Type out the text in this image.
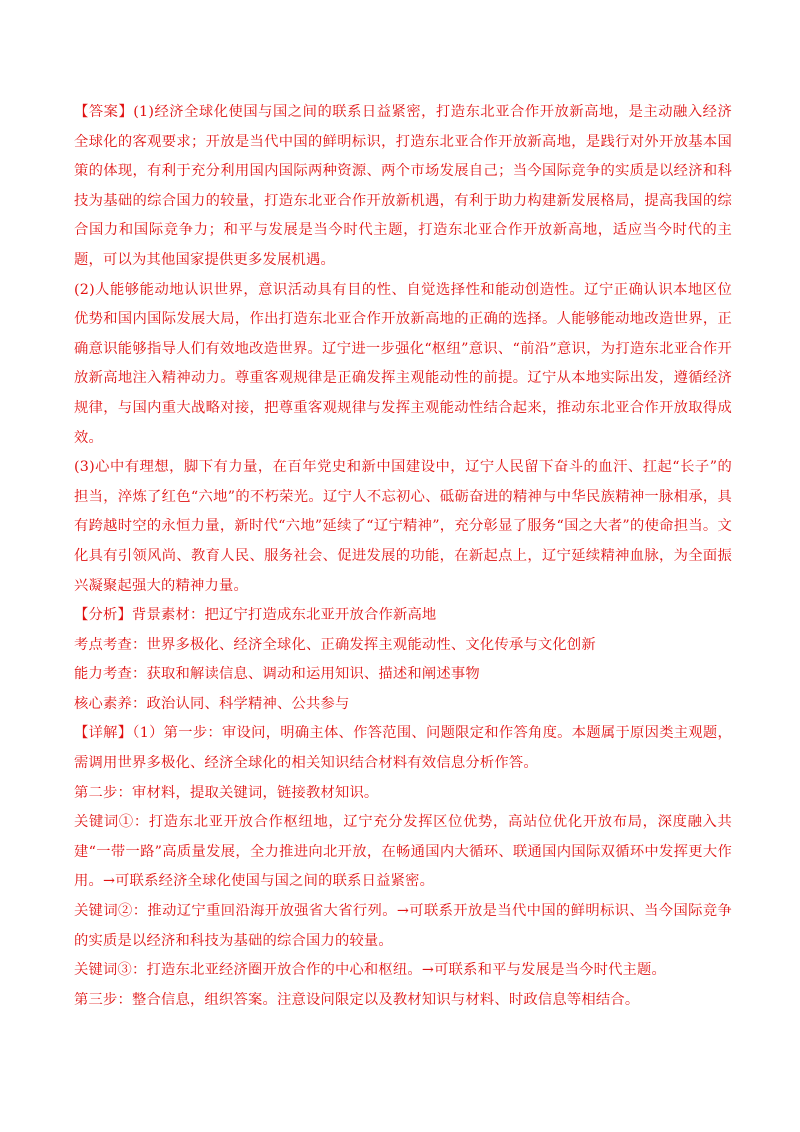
【答案】(1)经济全球化使国与国之间的联系日益紧密，打造东北亚合作开放新高地，是主动融入经济全球化的客观要求；开放是当代中国的鲜明标识，打造东北亚合作开放新高地，是践行对外开放基本国策的体现，有利于充分利用国内国际两种资源、两个市场发展自己；当今国际竞争的实质是以经济和科技为基础的综合国力的较量，打造东北亚合作开放新机遇，有利于助力构建新发展格局，提高我国的综合国力和国际竞争力；和平与发展是当今时代主题，打造东北亚合作开放新高地，适应当今时代的主题，可以为其他国家提供更多发展机遇。

(2)人能够能动地认识世界，意识活动具有目的性、自觉选择性和能动创造性。辽宁正确认识本地区位优势和国内国际发展大局，作出打造东北亚合作开放新高地的正确的选择。人能够能动地改造世界，正确意识能够指导人们有效地改造世界。辽宁进一步强化“枢纽”意识、“前沿”意识，为打造东北亚合作开放新高地注入精神动力。尊重客观规律是正确发挥主观能动性的前提。辽宁从本地实际出发，遵循经济规律，与国内重大战略对接，把尊重客观规律与发挥主观能动性结合起来，推动东北亚合作开放取得成效。

(3)心中有理想，脚下有力量，在百年党史和新中国建设中，辽宁人民留下奋斗的血汗、扛起“长子”的担当，淬炼了红色“六地”的不朽荣光。辽宁人不忘初心、砥砺奋进的精神与中华民族精神一脉相承，具有跨越时空的永恒力量，新时代“六地”延续了“辽宁精神”，充分彰显了服务“国之大者”的使命担当。文化具有引领风尚、教育人民、服务社会、促进发展的功能，在新起点上，辽宁延续精神血脉，为全面振兴凝聚起强大的精神力量。

【分析】背景素材：把辽宁打造成东北亚开放合作新高地

考点考查：世界多极化、经济全球化、正确发挥主观能动性、文化传承与文化创新

能力考查：获取和解读信息、调动和运用知识、描述和阐述事物

核心素养：政治认同、科学精神、公共参与

【详解】（1）第一步：审设问，明确主体、作答范围、问题限定和作答角度。本题属于原因类主观题，需调用世界多极化、经济全球化的相关知识结合材料有效信息分析作答。

第二步：审材料，提取关键词，链接教材知识。

关键词①：打造东北亚开放合作枢纽地，辽宁充分发挥区位优势，高站位优化开放布局，深度融入共建“一带一路”高质量发展，全力推进向北开放，在畅通国内大循环、联通国内国际双循环中发挥更大作用。→可联系经济全球化使国与国之间的联系日益紧密。

关键词②：推动辽宁重回沿海开放强省大省行列。→可联系开放是当代中国的鲜明标识、当今国际竞争的实质是以经济和科技为基础的综合国力的较量。

关键词③：打造东北亚经济圈开放合作的中心和枢纽。→可联系和平与发展是当今时代主题。

第三步：整合信息，组织答案。注意设问限定以及教材知识与材料、时政信息等相结合。
